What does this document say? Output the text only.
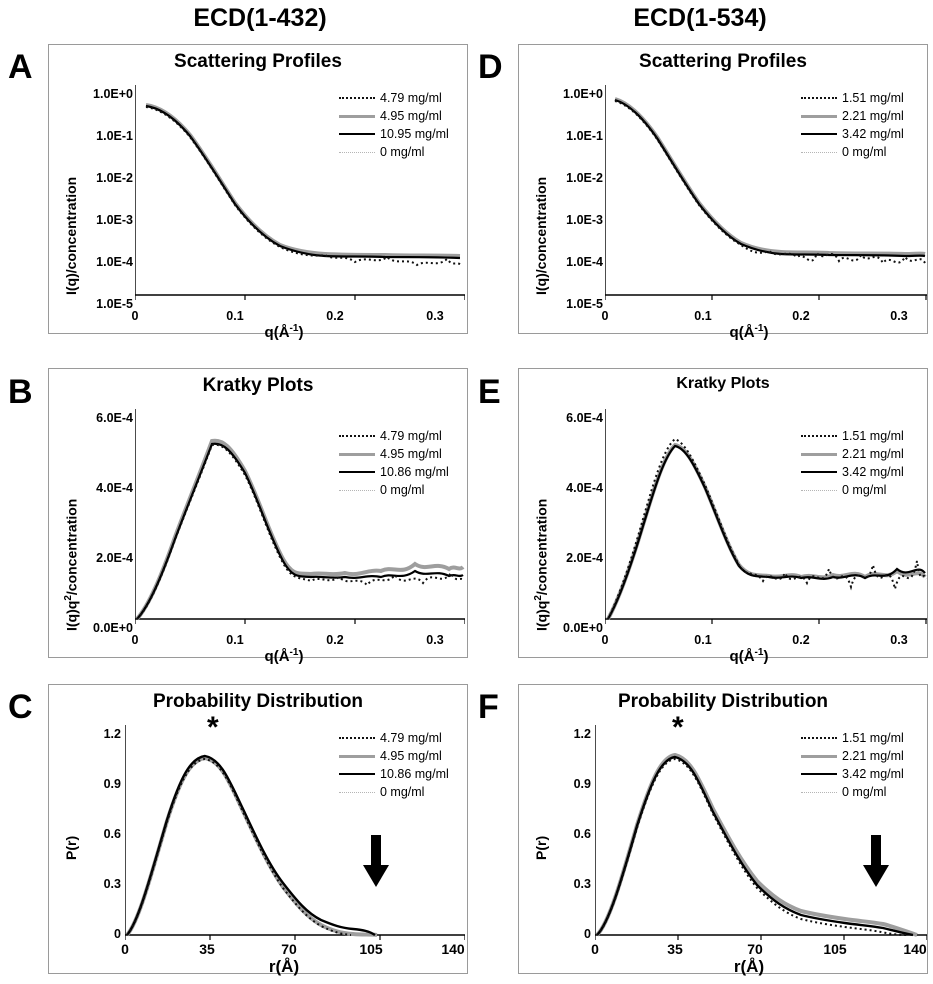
ECD(1-432)	ECD(1-534)
A	Scattering Profiles
I(q)/concentration
1.0E+0
1.0E-1
1.0E-2
1.0E-3
1.0E-4
1.0E-5
0	0.1	0.2	0.3
$q(Å^{-1})$
4.79 mg/ml
4.95 mg/ml
10.95 mg/ml
0 mg/ml
B	Kratky Plots
$I(q)q^2$/concentration
6.0E-4
4.0E-4
2.0E-4
0.0E+0
0	0.1	0.2	0.3
$q(Å^{-1})$
4.79 mg/ml
4.95 mg/ml
10.86 mg/ml
0 mg/ml
C	Probability Distribution
P(r)
1.2
0.9
0.6
0.3
0
0	35	70	105	140
r(Å)
*	4.79 mg/ml
4.95 mg/ml
10.86 mg/ml
0 mg/ml
D	Scattering Profiles
I(q)/concentration
1.0E+0
1.0E-1
1.0E-2
1.0E-3
1.0E-4
1.0E-5
0	0.1	0.2	0.3
$q(Å^{-1})$
1.51 mg/ml
2.21 mg/ml
3.42 mg/ml
0 mg/ml
E	Kratky Plots
$I(q)q^2$/concentration
6.0E-4
4.0E-4
2.0E-4
0.0E+0
0	0.1	0.2	0.3
$q(Å^{-1})$
1.51 mg/ml
2.21 mg/ml
3.42 mg/ml
0 mg/ml
F	Probability Distribution
P(r)
1.2
0.9
0.6
0.3
0
0	35	70	105	140
r(Å)
*	1.51 mg/ml
2.21 mg/ml
3.42 mg/ml
0 mg/ml
